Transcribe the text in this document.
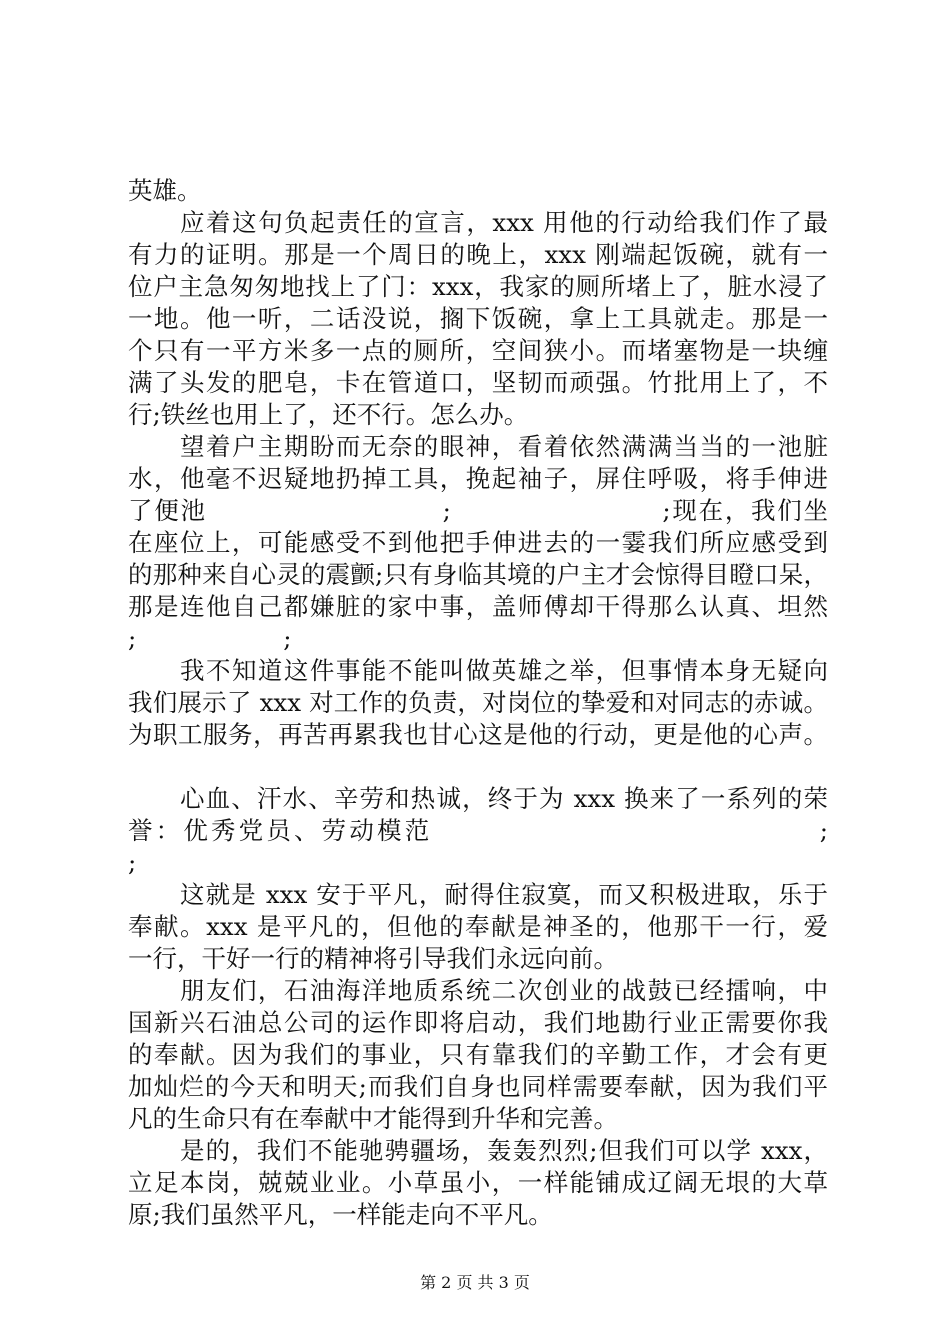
英雄。
应着这句负起责任的宣言，xxx 用他的行动给我们作了最
有力的证明。那是一个周日的晚上，xxx 刚端起饭碗，就有一
位户主急匆匆地找上了门：xxx，我家的厕所堵上了，脏水浸了
一地。他一听，二话没说，搁下饭碗，拿上工具就走。那是一
个只有一平方米多一点的厕所，空间狭小。而堵塞物是一块缠
满了头发的肥皂，卡在管道口，坚韧而顽强。竹批用上了，不
行;铁丝也用上了，还不行。怎么办。
望着户主期盼而无奈的眼神，看着依然满满当当的一池脏
水，他毫不迟疑地扔掉工具，挽起袖子，屏住呼吸，将手伸进
了便池　　　　　　　　　;　　　　　　　　;现在，我们坐
在座位上，可能感受不到他把手伸进去的一霎我们所应感受到
的那种来自心灵的震颤;只有身临其境的户主才会惊得目瞪口呆，
那是连他自己都嫌脏的家中事，盖师傅却干得那么认真、坦然
;　　　　　　;
我不知道这件事能不能叫做英雄之举，但事情本身无疑向
我们展示了 xxx 对工作的负责，对岗位的挚爱和对同志的赤诚。
为职工服务，再苦再累我也甘心这是他的行动，更是他的心声。
心血、汗水、辛劳和热诚，终于为 xxx 换来了一系列的荣
誉：优秀党员、劳动模范　　　　　　　　　　　　　　;
;
这就是 xxx 安于平凡，耐得住寂寞，而又积极进取，乐于
奉献。xxx 是平凡的，但他的奉献是神圣的，他那干一行，爱
一行，干好一行的精神将引导我们永远向前。
朋友们，石油海洋地质系统二次创业的战鼓已经擂响，中
国新兴石油总公司的运作即将启动，我们地勘行业正需要你我
的奉献。因为我们的事业，只有靠我们的辛勤工作，才会有更
加灿烂的今天和明天;而我们自身也同样需要奉献，因为我们平
凡的生命只有在奉献中才能得到升华和完善。
是的，我们不能驰骋疆场，轰轰烈烈;但我们可以学 xxx，
立足本岗，兢兢业业。小草虽小，一样能铺成辽阔无垠的大草
原;我们虽然平凡，一样能走向不平凡。
第 2 页 共 3 页
